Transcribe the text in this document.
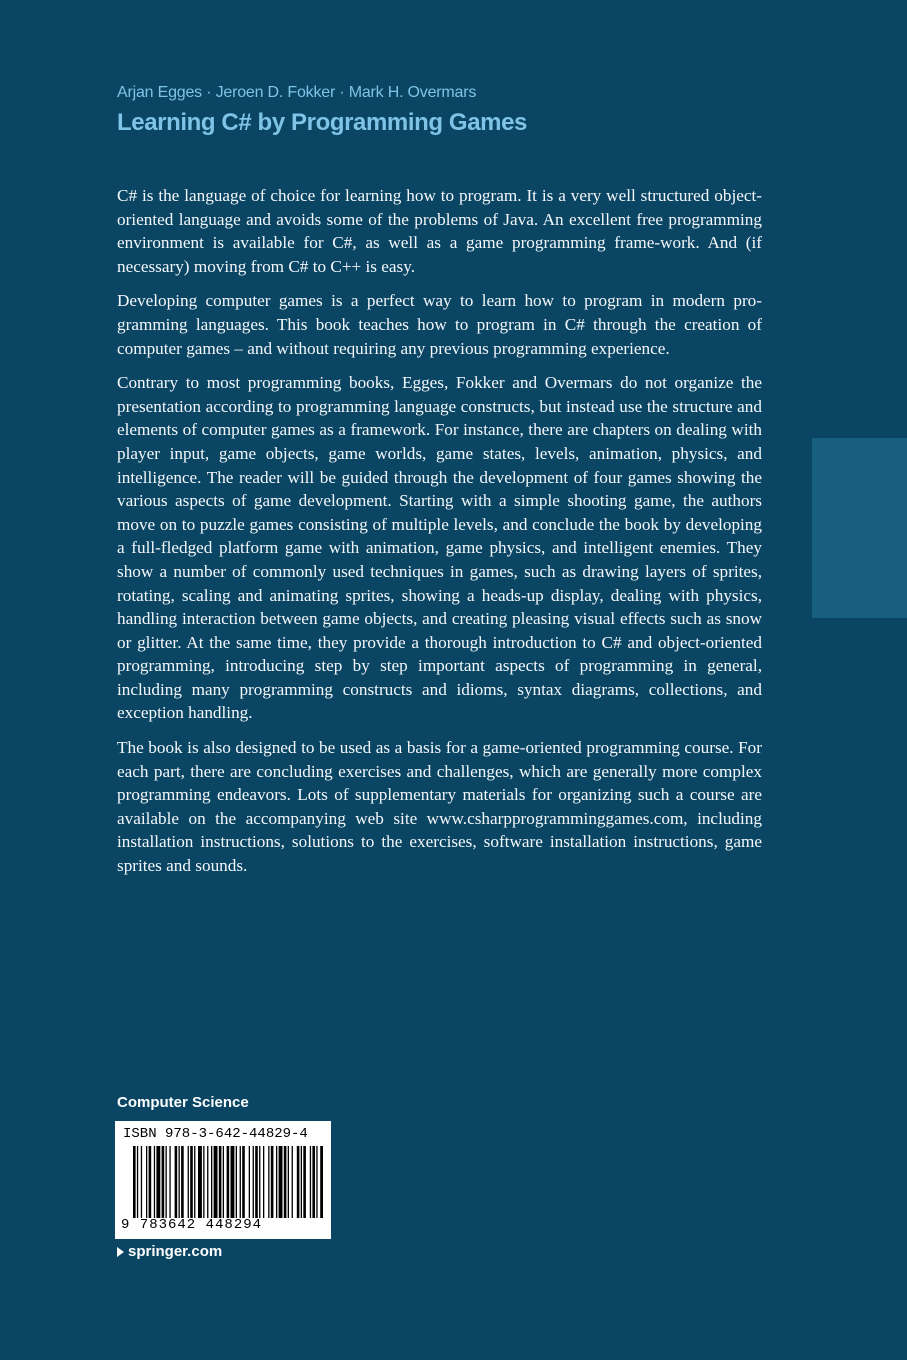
Arjan Egges · Jeroen D. Fokker · Mark H. Overmars
Learning C# by Programming Games

C# is the language of choice for learning how to program. It is a very well structured object-oriented language and avoids some of the problems of Java. An excellent free programming environment is available for C#, as well as a game programming frame-work. And (if necessary) moving from C# to C++ is easy.

Developing computer games is a perfect way to learn how to program in modern pro-gramming languages. This book teaches how to program in C# through the creation of computer games – and without requiring any previous programming experience.

Contrary to most programming books, Egges, Fokker and Overmars do not organize the presentation according to programming language constructs, but instead use the structure and elements of computer games as a framework. For instance, there are chapters on dealing with player input, game objects, game worlds, game states, levels, animation, physics, and intelligence. The reader will be guided through the development of four games showing the various aspects of game development. Starting with a simple shooting game, the authors move on to puzzle games consisting of multiple levels, and conclude the book by developing a full-fledged platform game with animation, game physics, and intelligent enemies. They show a number of commonly used techniques in games, such as drawing layers of sprites, rotating, scaling and animating sprites, showing a heads-up display, dealing with physics, handling interaction between game objects, and creating pleasing visual effects such as snow or glitter. At the same time, they provide a thorough introduction to C# and object-oriented programming, introducing step by step important aspects of programming in general, including many programming constructs and idioms, syntax diagrams, collections, and exception handling.

The book is also designed to be used as a basis for a game-oriented programming course. For each part, there are concluding exercises and challenges, which are generally more complex programming endeavors. Lots of supplementary materials for organizing such a course are available on the accompanying web site www.csharpprogramminggames.com, including installation instructions, solutions to the exercises, software installation instructions, game sprites and sounds.

Computer Science
ISBN 978-3-642-44829-4
9 783642 448294
springer.com
